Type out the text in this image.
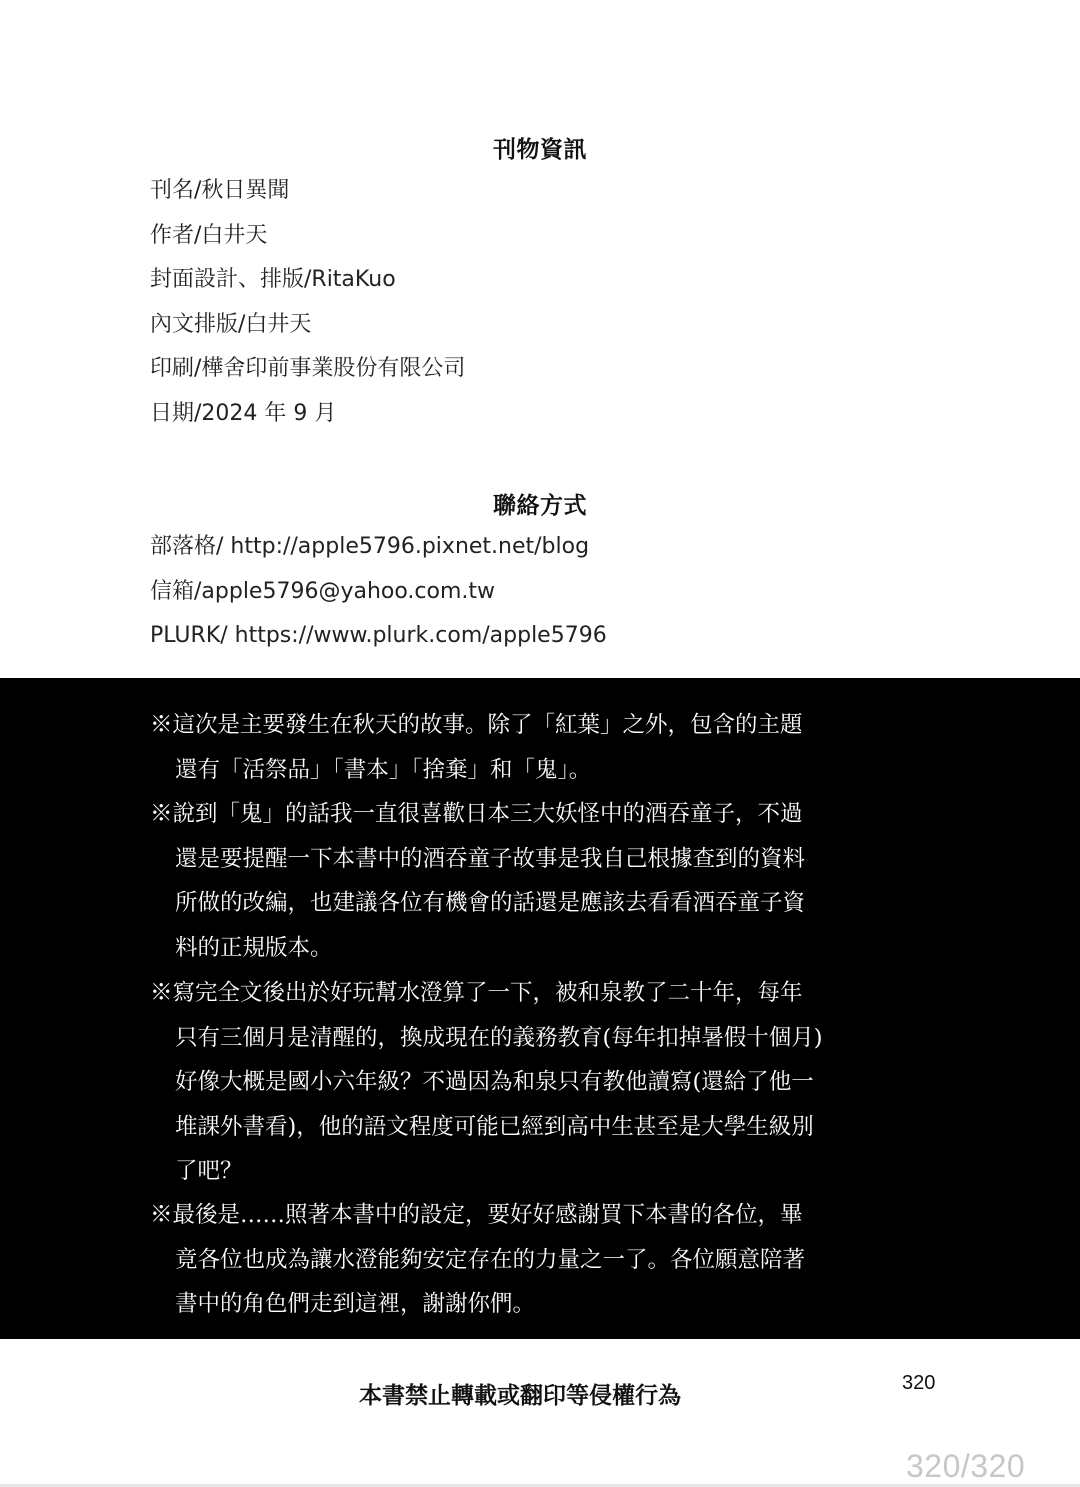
刊物資訊
刊名/秋日異聞
作者/白井天
封面設計、排版/RitaKuo
內文排版/白井天
印刷/樺舍印前事業股份有限公司
日期/2024 年 9 月
聯絡方式
部落格/ http://apple5796.pixnet.net/blog
信箱/apple5796@yahoo.com.tw
PLURK/ https://www.plurk.com/apple5796
※這次是主要發生在秋天的故事。除了「紅葉」之外，包含的主題
還有「活祭品」「書本」「捨棄」和「鬼」。
※說到「鬼」的話我一直很喜歡日本三大妖怪中的酒吞童子，不過
還是要提醒一下本書中的酒吞童子故事是我自己根據查到的資料
所做的改編，也建議各位有機會的話還是應該去看看酒吞童子資
料的正規版本。
※寫完全文後出於好玩幫水澄算了一下，被和泉教了二十年，每年
只有三個月是清醒的，換成現在的義務教育(每年扣掉暑假十個月)
好像大概是國小六年級？不過因為和泉只有教他讀寫(還給了他一
堆課外書看)，他的語文程度可能已經到高中生甚至是大學生級別
了吧？
※最後是……照著本書中的設定，要好好感謝買下本書的各位，畢
竟各位也成為讓水澄能夠安定存在的力量之一了。各位願意陪著
書中的角色們走到這裡，謝謝你們。
本書禁止轉載或翻印等侵權行為	320
320/320
